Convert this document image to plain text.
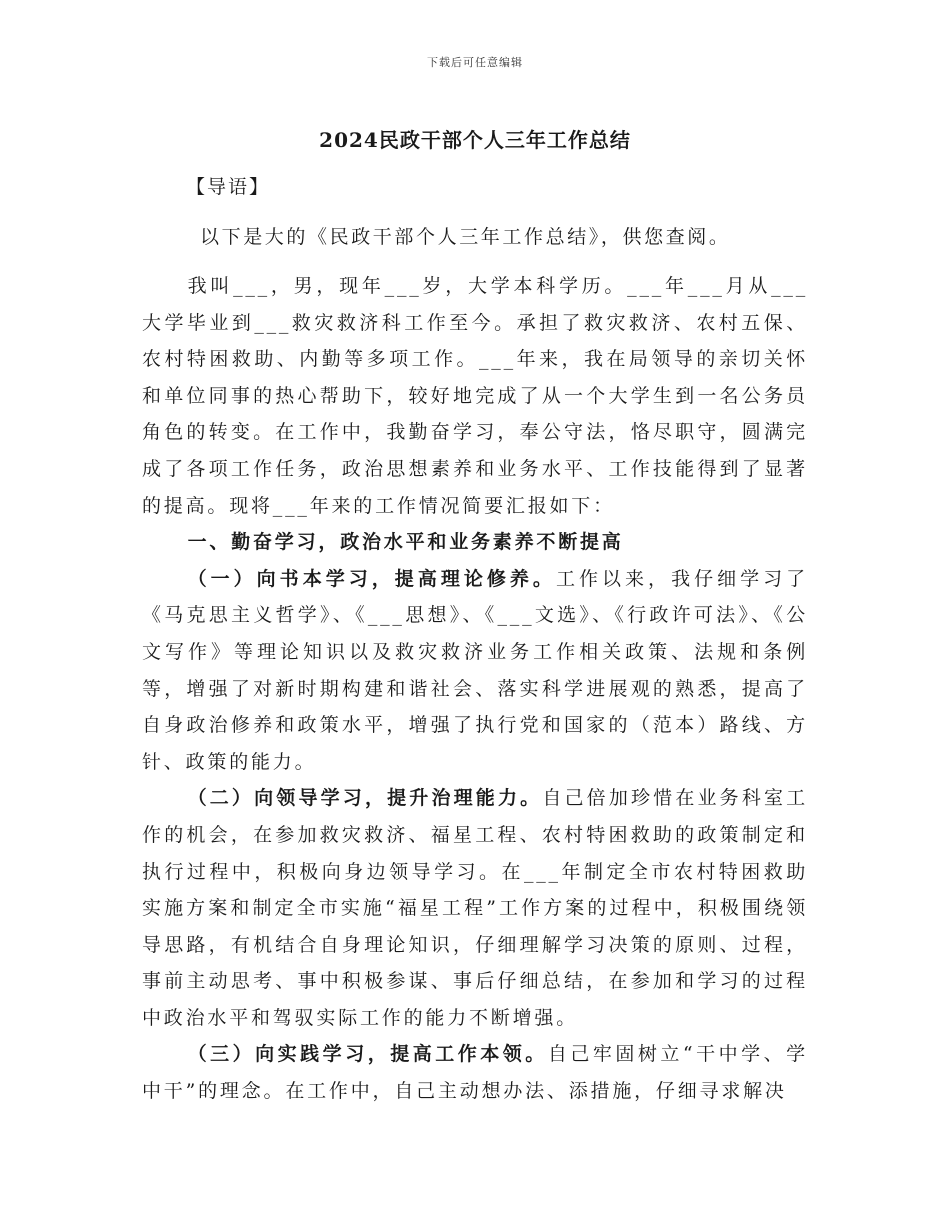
下载后可任意编辑
2024民政干部个人三年工作总结
【导语】
以下是大的《民政干部个人三年工作总结》，供您查阅。

我叫___，男，现年___岁，大学本科学历。___年___月从___大学毕业到___救灾救济科工作至今。承担了救灾救济、农村五保、农村特困救助、内勤等多项工作。___年来，我在局领导的亲切关怀和单位同事的热心帮助下，较好地完成了从一个大学生到一名公务员角色的转变。在工作中，我勤奋学习，奉公守法，恪尽职守，圆满完成了各项工作任务，政治思想素养和业务水平、工作技能得到了显著的提高。现将___年来的工作情况简要汇报如下：

一、勤奋学习，政治水平和业务素养不断提高

（一）向书本学习，提高理论修养。工作以来，我仔细学习了《马克思主义哲学》、《___思想》、《___文选》、《行政许可法》、《公文写作》等理论知识以及救灾救济业务工作相关政策、法规和条例等，增强了对新时期构建和谐社会、落实科学进展观的熟悉，提高了自身政治修养和政策水平，增强了执行党和国家的（范本）路线、方针、政策的能力。

（二）向领导学习，提升治理能力。自己倍加珍惜在业务科室工作的机会，在参加救灾救济、福星工程、农村特困救助的政策制定和执行过程中，积极向身边领导学习。在___年制定全市农村特困救助实施方案和制定全市实施“福星工程”工作方案的过程中，积极围绕领导思路，有机结合自身理论知识，仔细理解学习决策的原则、过程，事前主动思考、事中积极参谋、事后仔细总结，在参加和学习的过程中政治水平和驾驭实际工作的能力不断增强。

（三）向实践学习，提高工作本领。自己牢固树立“干中学、学中干”的理念。在工作中，自己主动想办法、添措施，仔细寻求解决
